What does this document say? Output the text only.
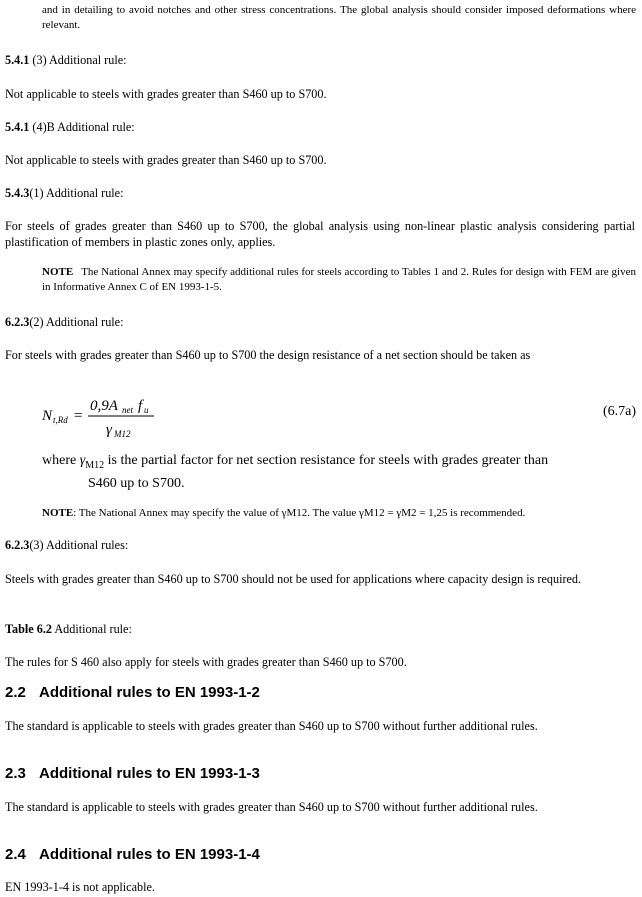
and in detailing to avoid notches and other stress concentrations. The global analysis should consider imposed deformations where relevant.

5.4.1 (3) Additional rule:

Not applicable to steels with grades greater than S460 up to S700.

5.4.1 (4)B Additional rule:

Not applicable to steels with grades greater than S460 up to S700.

5.4.3(1) Additional rule:

For steels of grades greater than S460 up to S700, the global analysis using non-linear plastic analysis considering partial plastification of members in plastic zones only, applies.

NOTE The National Annex may specify additional rules for steels according to Tables 1 and 2. Rules for design with FEM are given in Informative Annex C of EN 1993-1-5.

6.2.3(2) Additional rule:

For steels with grades greater than S460 up to S700 the design resistance of a net section should be taken as

N t,Rd =
0,9A net f u
γ M12
(6.7a)

where $\gamma_{M12}$ is the partial factor for net section resistance for steels with grades greater than
S460 up to S700.

NOTE: The National Annex may specify the value of γM12. The value γM12 = γM2 = 1,25 is recommended.

6.2.3(3) Additional rules:

Steels with grades greater than S460 up to S700 should not be used for applications where capacity design is required.

Table 6.2 Additional rule:

The rules for S 460 also apply for steels with grades greater than S460 up to S700.

2.2 Additional rules to EN 1993-1-2

The standard is applicable to steels with grades greater than S460 up to S700 without further additional rules.

2.3 Additional rules to EN 1993-1-3

The standard is applicable to steels with grades greater than S460 up to S700 without further additional rules.

2.4 Additional rules to EN 1993-1-4

EN 1993-1-4 is not applicable.
